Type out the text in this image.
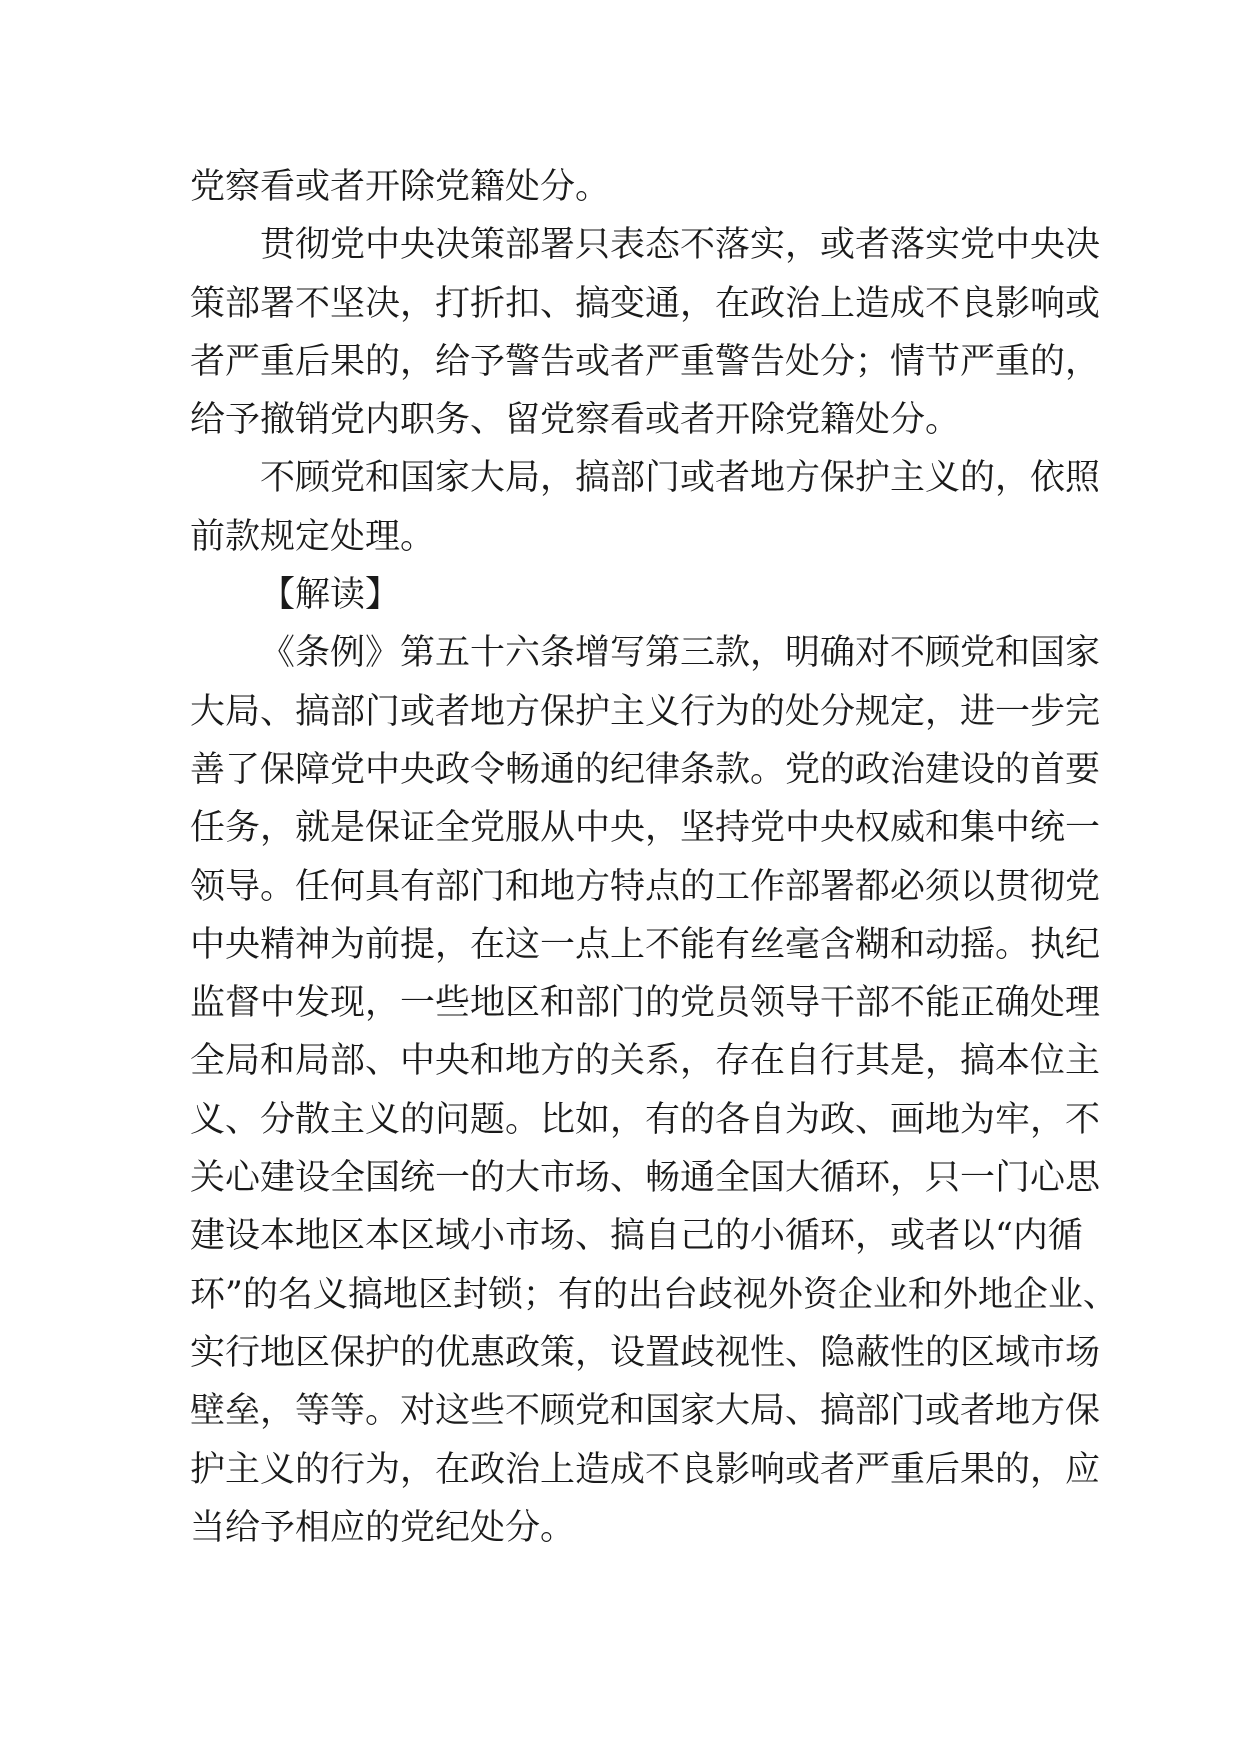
党察看或者开除党籍处分。
贯彻党中央决策部署只表态不落实，或者落实党中央决
策部署不坚决，打折扣、搞变通，在政治上造成不良影响或
者严重后果的，给予警告或者严重警告处分；情节严重的，
给予撤销党内职务、留党察看或者开除党籍处分。
不顾党和国家大局，搞部门或者地方保护主义的，依照
前款规定处理。
【解读】
《条例》第五十六条增写第三款，明确对不顾党和国家
大局、搞部门或者地方保护主义行为的处分规定，进一步完
善了保障党中央政令畅通的纪律条款。党的政治建设的首要
任务，就是保证全党服从中央，坚持党中央权威和集中统一
领导。任何具有部门和地方特点的工作部署都必须以贯彻党
中央精神为前提，在这一点上不能有丝毫含糊和动摇。执纪
监督中发现，一些地区和部门的党员领导干部不能正确处理
全局和局部、中央和地方的关系，存在自行其是，搞本位主
义、分散主义的问题。比如，有的各自为政、画地为牢，不
关心建设全国统一的大市场、畅通全国大循环，只一门心思
建设本地区本区域小市场、搞自己的小循环，或者以“内循
环”的名义搞地区封锁；有的出台歧视外资企业和外地企业、
实行地区保护的优惠政策，设置歧视性、隐蔽性的区域市场
壁垒，等等。对这些不顾党和国家大局、搞部门或者地方保
护主义的行为，在政治上造成不良影响或者严重后果的，应
当给予相应的党纪处分。
